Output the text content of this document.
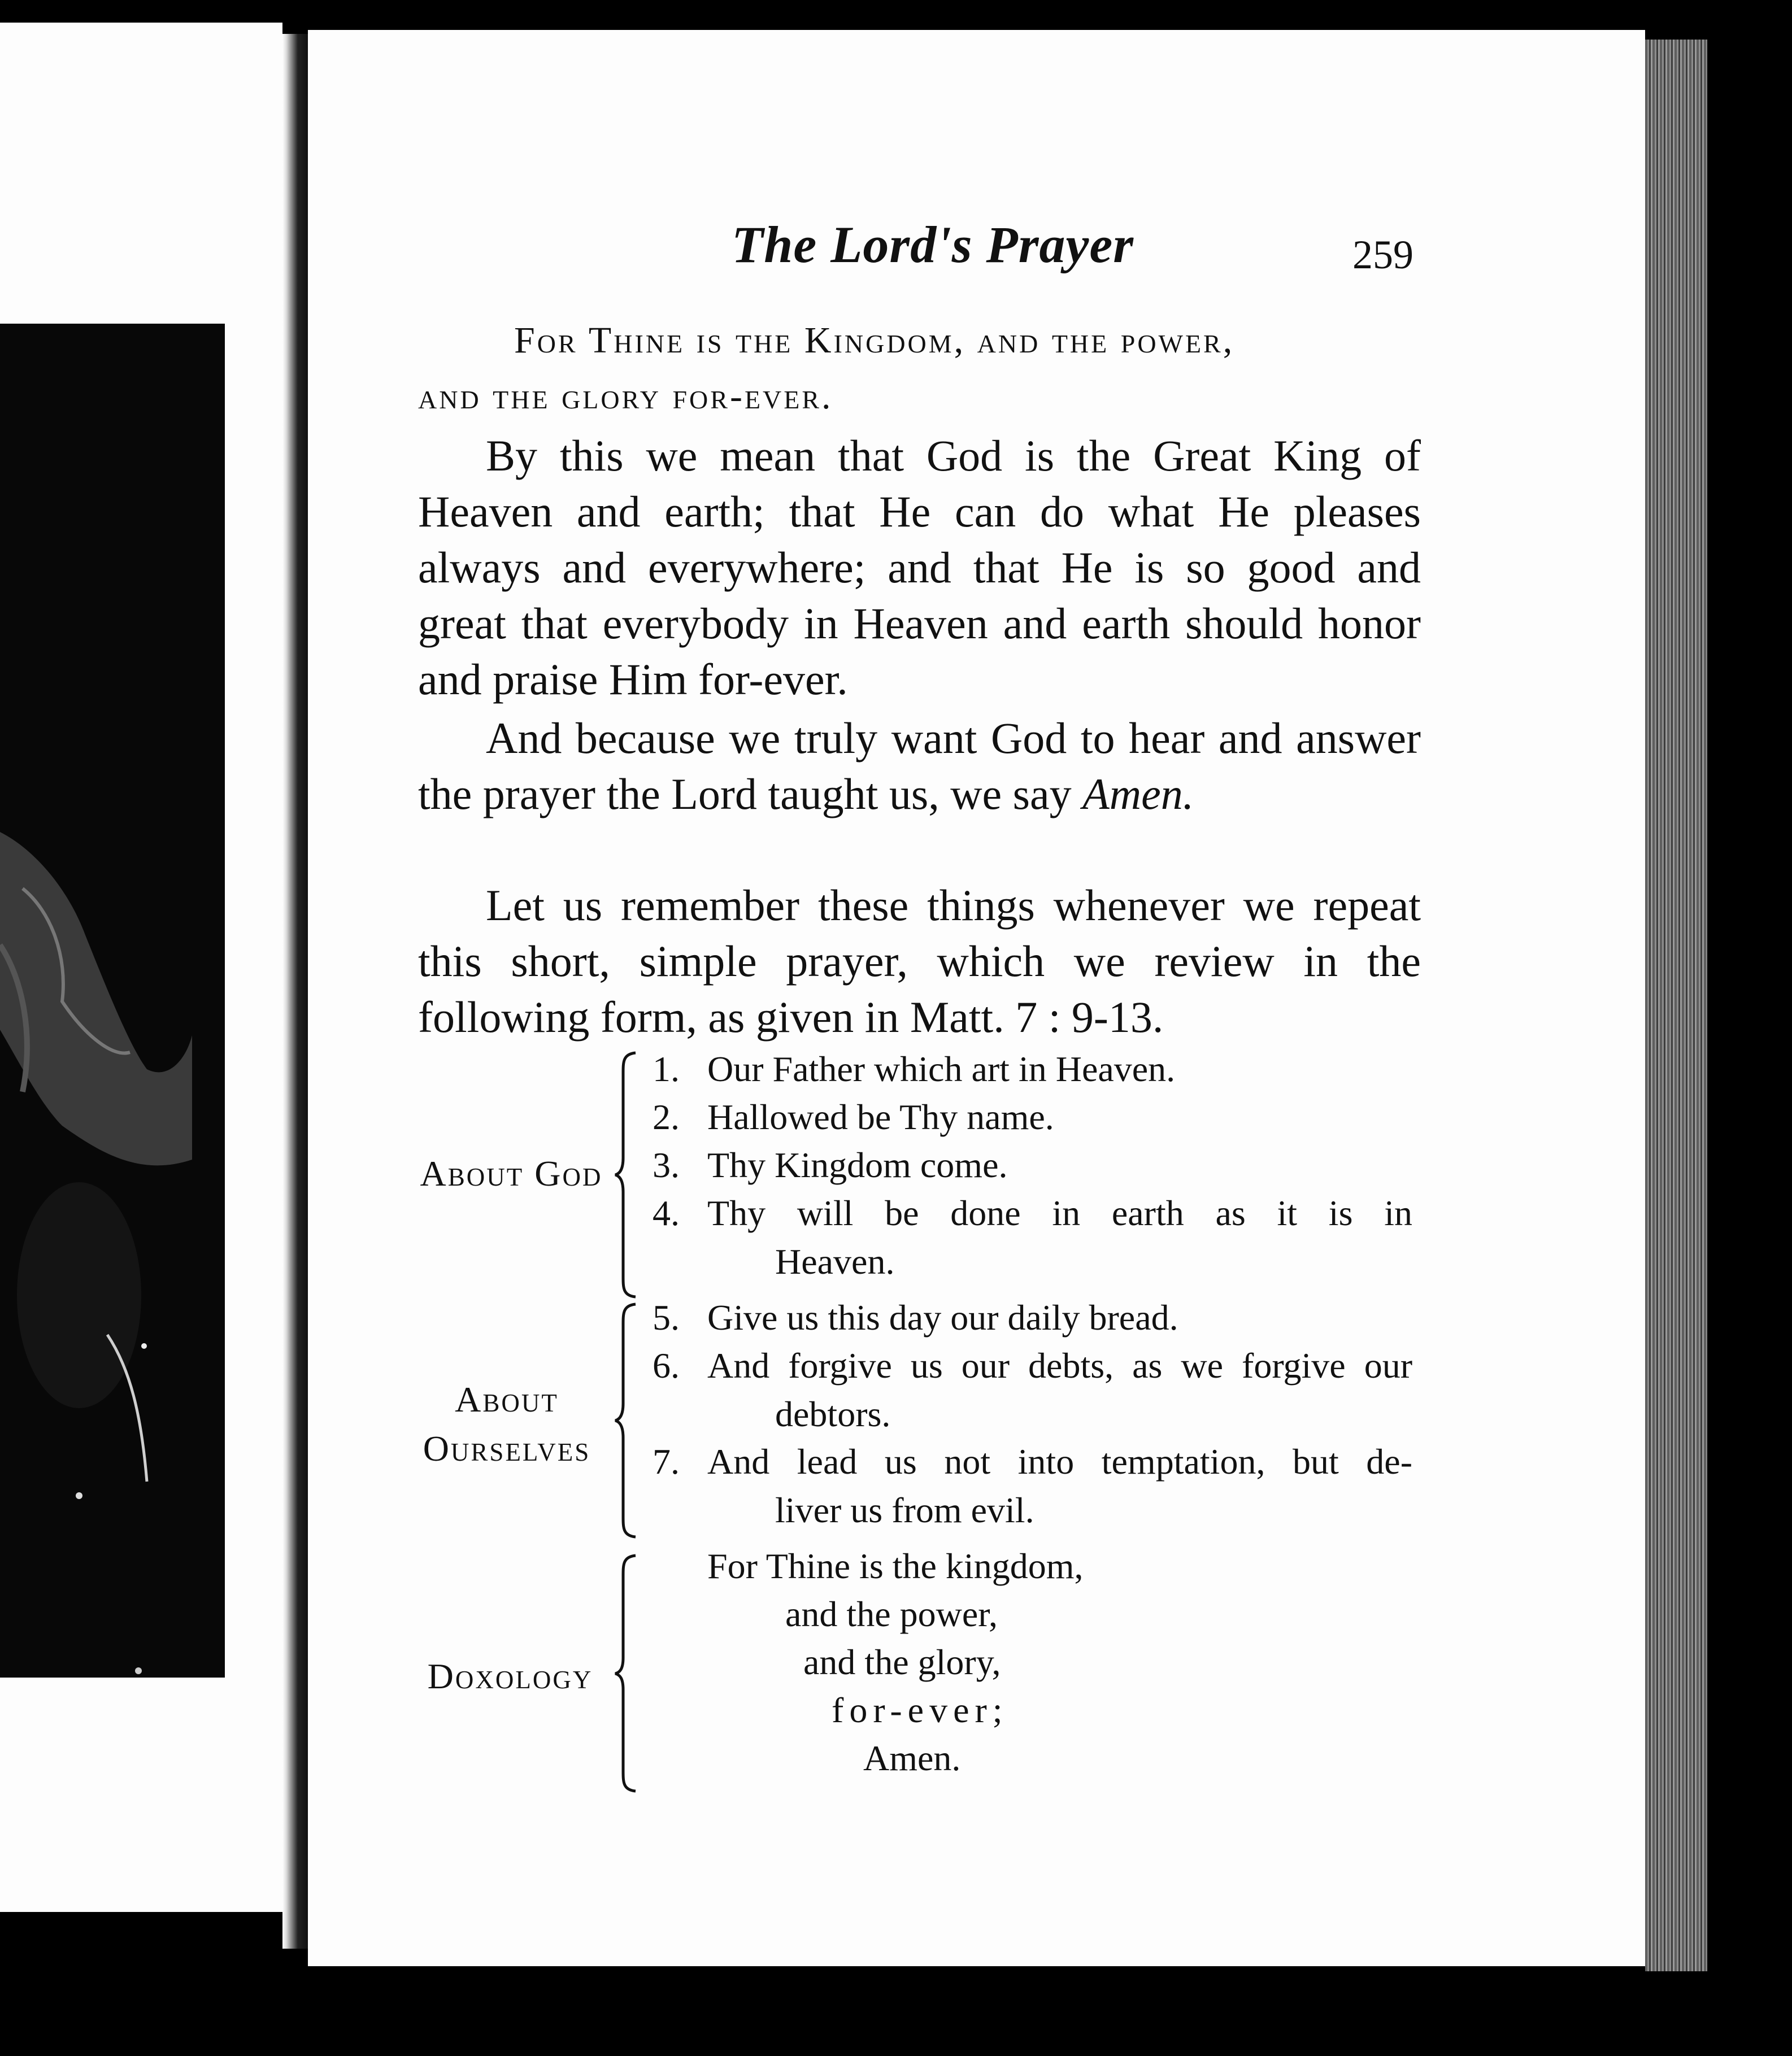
The Lord's Prayer	259
For Thine is the Kingdom, and the power,
and the glory for-ever.

By this we mean that God is the Great King of Heaven and earth; that He can do what He pleases always and everywhere; and that He is so good and great that everybody in Heaven and earth should honor and praise Him for-ever.

And because we truly want God to hear and answer the prayer the Lord taught us, we say Amen.

Let us remember these things whenever we repeat this short, simple prayer, which we review in the following form, as given in Matt. 7 : 9-13.

About God
About
Ourselves
Doxology
1. Our Father which art in Heaven.
2. Hallowed be Thy name.
3. Thy Kingdom come.
4. Thy will be done in earth as it is in
Heaven.
5. Give us this day our daily bread.
6. And forgive us our debts, as we forgive our
debtors.
7. And lead us not into temptation, but de-
liver us from evil.
For Thine is the kingdom,
and the power,
and the glory,
for-ever;
Amen.
